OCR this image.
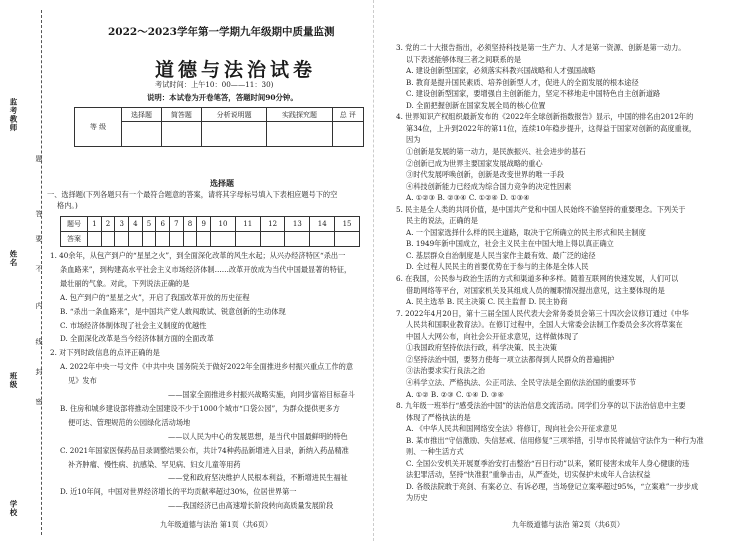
监考教师
姓名
班级
学校
题
答
要
不
内
线
封
密
2022～2023学年第一学期九年级期中质量监测
道德与法治试卷
考试时间：上午10：00——11：30)
说明：本试卷为开卷笔答，答题时间90分钟。
等 级	选择题	简答题	分析说明题	实践探究题	总 评

选择题
一、选择题(下列各题只有一个最符合题意的答案，请将其字母标号填入下表相应题号下的空
格内。)
题号	1	2	3	4	5	6	7	8	9	10	11	12	13	14	15
答案															
1. 40余年，从包产到户的“星星之火”，到全面深化改革的风生水起；从兴办经济特区“杀出一
条血路来”，到构建高水平社会主义市场经济体制……改革开放成为当代中国最显著的特征，
最壮丽的气象。对此，下列说法正确的是
A. 包产到户的“星星之火”，开启了我国改革开放的历史征程
B. “杀出一条血路来”，是中国共产党人敢闯敢试、锐意创新的生动体现
C. 市场经济体制体现了社会主义制度的优越性
D. 全面深化改革是当今经济体制方面的全面改革
2. 对下列时政信息的点评正确的是
A. 2022年中央一号文件《中共中央 国务院关于做好2022年全面推进乡村振兴重点工作的意
见》发布
——国家全面推进乡村振兴战略实施，向同步富裕目标奋斗
B. 住房和城乡建设部将推动全国建设不少于1000个城市“口袋公园”，为群众提供更多方
便可达、管理规范的公园绿化活动场地
——以人民为中心的发展思想，是当代中国最鲜明的特色
C. 2021年国家医保药品目录调整结果公布，共计74种药品新增进入目录，新纳入药品精准
补齐肿瘤、慢性病、抗感染、罕见病、妇女儿童等用药
——党和政府坚决维护人民根本利益，不断增进民生福祉
D. 近10年间，中国对世界经济增长的平均贡献率超过30%，位居世界第一
——我国经济已由高速增长阶段转向高质量发展阶段
九年级道德与法治 第1页（共6页）
3. 党的二十大报告指出，必须坚持科技是第一生产力、人才是第一资源、创新是第一动力。
以下表述能够体现三者之间联系的是
A. 建设创新型国家，必须落实科教兴国战略和人才强国战略
B. 教育是提升国民素质、培养创新型人才，促进人的全面发展的根本途径
C. 建设创新型国家，要增强自主创新能力，坚定不移地走中国特色自主创新道路
D. 全面把握创新在国家发展全局的核心位置
4. 世界知识产权组织最新发布的《2022年全球创新指数报告》显示，中国的排名由2012年的
第34位，上升到2022年的第11位，连续10年稳步提升，这得益于国家对创新的高度重视，
因为
①创新是发展的第一动力，是民族振兴、社会进步的基石
②创新已成为世界主要国家发展战略的重心
③时代发展呼唤创新，创新是改变世界的唯一手段
④科技创新能力已经成为综合国力竞争的决定性因素
A. ①②③ B. ②③④ C. ①②④ D. ①③④
5. 民主是全人类的共同价值，是中国共产党和中国人民始终不渝坚持的重要理念。下列关于
民主的说法，正确的是
A. 一个国家选择什么样的民主道路，取决于它所确立的民主形式和民主制度
B. 1949年新中国成立，社会主义民主在中国大地上得以真正确立
C. 基层群众自治制度是人民当家作主最有效、最广泛的途径
D. 全过程人民民主的首要优势在于参与的主体是全体人民
6. 在我国，公民参与政治生活的方式和渠道多种多样。随着互联网的快速发展，人们可以
借助网络等平台，对国家机关及其组成人员的履职情况提出意见，这主要体现的是
A. 民主选举 B. 民主决策 C. 民主监督 D. 民主协商
7. 2022年4月20日，第十三届全国人民代表大会常务委员会第三十四次会议修订通过《中华
人民共和国职业教育法》。在修订过程中，全国人大常委会法制工作委员会多次将草案在
中国人大网公布，向社会公开征求意见，这样做体现了
①我国政府坚持依法行政，科学决策、民主决策
②坚持法治中国，要努力使每一项立法都得到人民群众的普遍拥护
③法治要求实行良法之治
④科学立法、严格执法、公正司法、全民守法是全面依法治国的重要环节
A. ①② B. ②③ C. ①④ D. ③④
8. 九年级一班举行“感受法治中国”的法治信息交流活动。同学们分享的以下法治信息中主要
体现了严格执法的是
A. 《中华人民共和国网络安全法》将修订，现向社会公开征求意见
B. 某市推出“守信激励、失信惩戒、信用修复”三项举措，引导市民将诚信守法作为一种行为准
则、一种生活方式
C. 全国公安机关开展夏季治安打击整治“百日行动”以来，紧盯侵害未成年人身心健康的违
法犯罪活动，坚持“快准狠”重拳击击，从严查处，切实保护未成年人合法权益
D. 各级法院敢于亮剑、有案必立、有诉必理，当场登记立案率超过95%，“立案难”一步步成
为历史
九年级道德与法治 第2页（共6页）
